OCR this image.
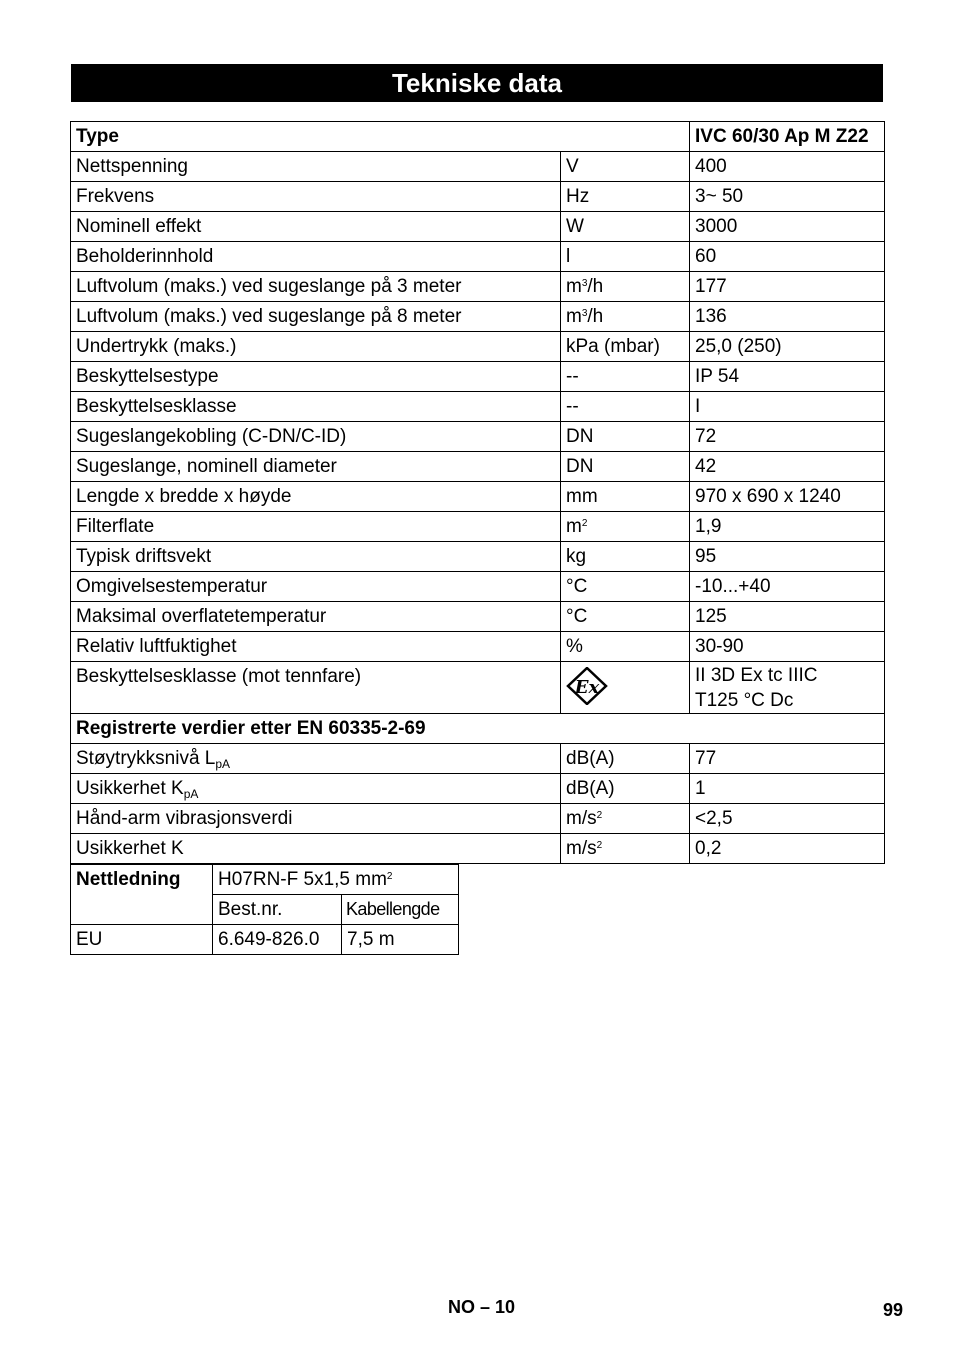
Tekniske data
Type		IVC 60/30 Ap M Z22
Nettspenning	V	400
Frekvens	Hz	3~ 50
Nominell effekt	W	3000
Beholderinnhold	l	60
Luftvolum (maks.) ved sugeslange på 3 meter	$m^3/h$	177
Luftvolum (maks.) ved sugeslange på 8 meter	$m^3/h$	136
Undertrykk (maks.)	kPa (mbar)	25,0 (250)
Beskyttelsestype	--	IP 54
Beskyttelsesklasse	--	I
Sugeslangekobling (C-DN/C-ID)	DN	72
Sugeslange, nominell diameter	DN	42
Lengde x bredde x høyde	mm	970 x 690 x 1240
Filterflate	$m^2$	1,9
Typisk driftsvekt	kg	95
Omgivelsestemperatur	°C	-10...+40
Maksimal overflatetemperatur	°C	125
Relativ luftfuktighet	%	30-90
Beskyttelsesklasse (mot tennfare)	Ex	II 3D Ex tc IIIC
T125 °C Dc

Registrerte verdier etter EN 60335-2-69		
Støytrykksnivå $L_{pA}$	dB(A)	77
Usikkerhet $K_{pA}$	dB(A)	1
Hånd-arm vibrasjonsverdi	$m/s^2$	<2,5
Usikkerhet K	$m/s^2$	0,2
Nettledning	H07RN-F 5x1,5 $mm^2$
	Best.nr.	Kabellengde
EU	6.649-826.0	7,5 m
NO – 10	99
